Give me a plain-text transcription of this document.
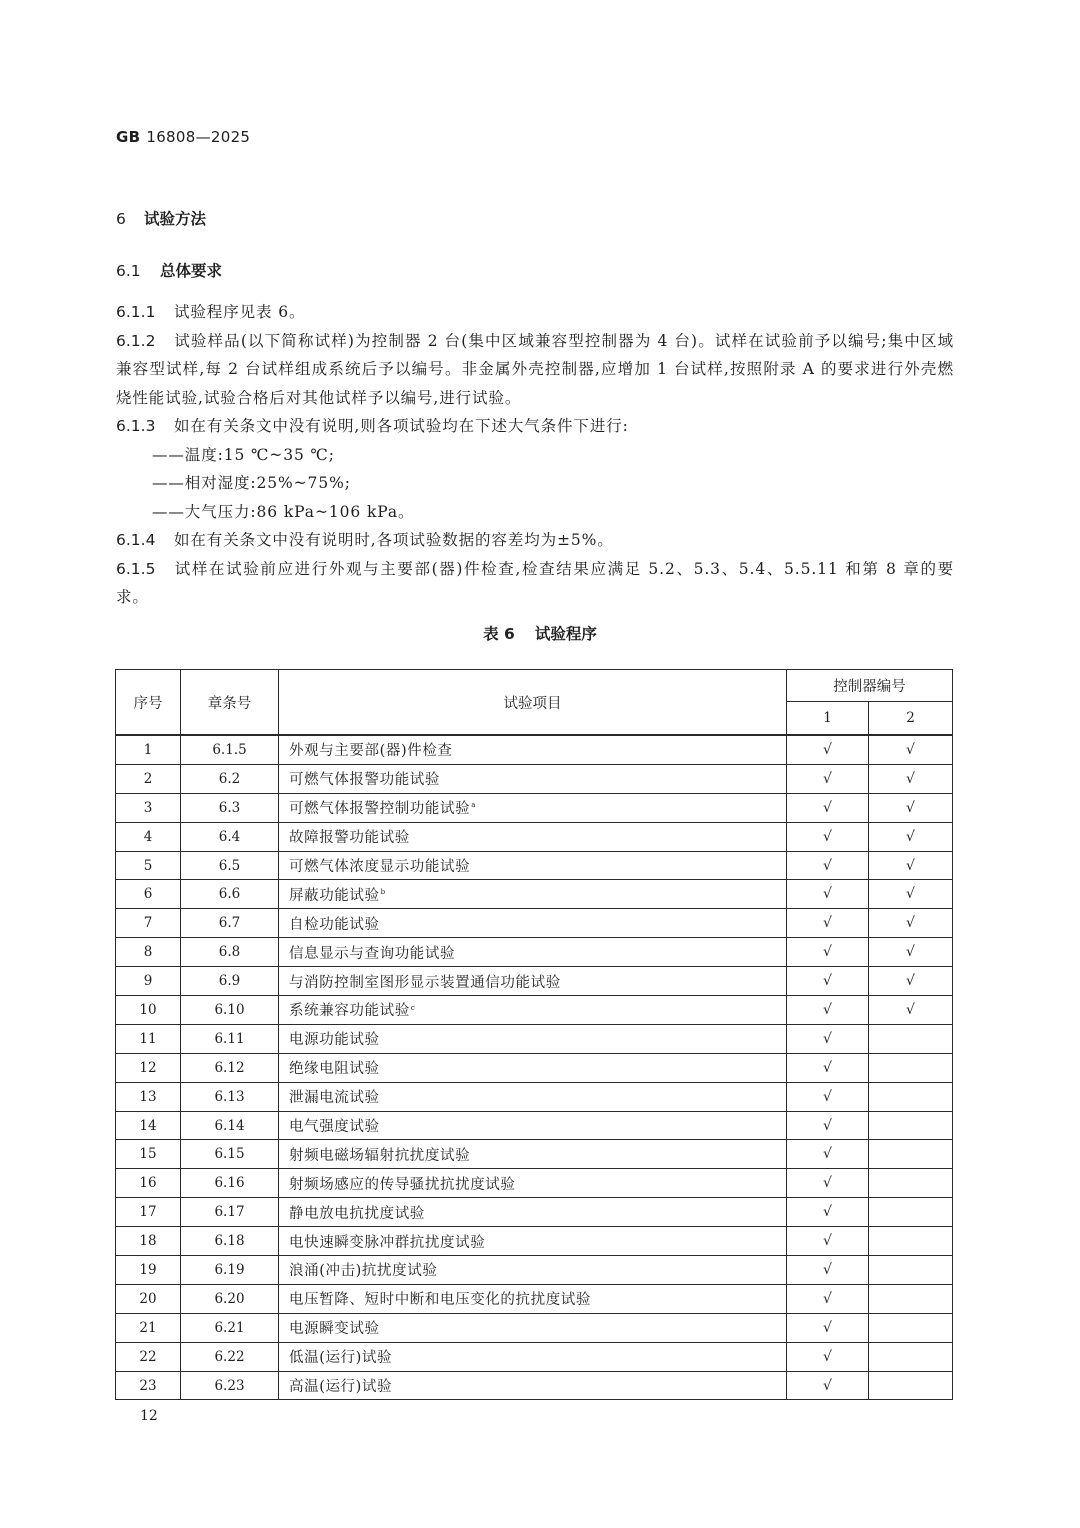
GB 16808—2025
6 试验方法
6.1 总体要求
6.1.1 试验程序见表 6。
6.1.2 试验样品(以下简称试样)为控制器 2 台(集中区域兼容型控制器为 4 台)。试样在试验前予以编号;集中区域兼容型试样,每 2 台试样组成系统后予以编号。非金属外壳控制器,应增加 1 台试样,按照附录 A 的要求进行外壳燃烧性能试验,试验合格后对其他试样予以编号,进行试验。
6.1.3 如在有关条文中没有说明,则各项试验均在下述大气条件下进行:
——温度:15 ℃~35 ℃;
——相对湿度:25%~75%;
——大气压力:86 kPa~106 kPa。
6.1.4 如在有关条文中没有说明时,各项试验数据的容差均为±5%。
6.1.5 试样在试验前应进行外观与主要部(器)件检查,检查结果应满足 5.2、5.3、5.4、5.5.11 和第 8 章的要求。
表 6 试验程序
序号	章条号	试验项目	控制器编号	
			1	2
1	6.1.5	外观与主要部(器)件检查	√	√
2	6.2	可燃气体报警功能试验	√	√
3	6.3	可燃气体报警控制功能试验$^a$	√	√
4	6.4	故障报警功能试验	√	√
5	6.5	可燃气体浓度显示功能试验	√	√
6	6.6	屏蔽功能试验$^b$	√	√
7	6.7	自检功能试验	√	√
8	6.8	信息显示与查询功能试验	√	√
9	6.9	与消防控制室图形显示装置通信功能试验	√	√
10	6.10	系统兼容功能试验$^c$	√	√
11	6.11	电源功能试验	√	
12	6.12	绝缘电阻试验	√	
13	6.13	泄漏电流试验	√	
14	6.14	电气强度试验	√	
15	6.15	射频电磁场辐射抗扰度试验	√	
16	6.16	射频场感应的传导骚扰抗扰度试验	√	
17	6.17	静电放电抗扰度试验	√	
18	6.18	电快速瞬变脉冲群抗扰度试验	√	
19	6.19	浪涌(冲击)抗扰度试验	√	
20	6.20	电压暂降、短时中断和电压变化的抗扰度试验	√	
21	6.21	电源瞬变试验	√	
22	6.22	低温(运行)试验	√	
23	6.23	高温(运行)试验	√	
12
